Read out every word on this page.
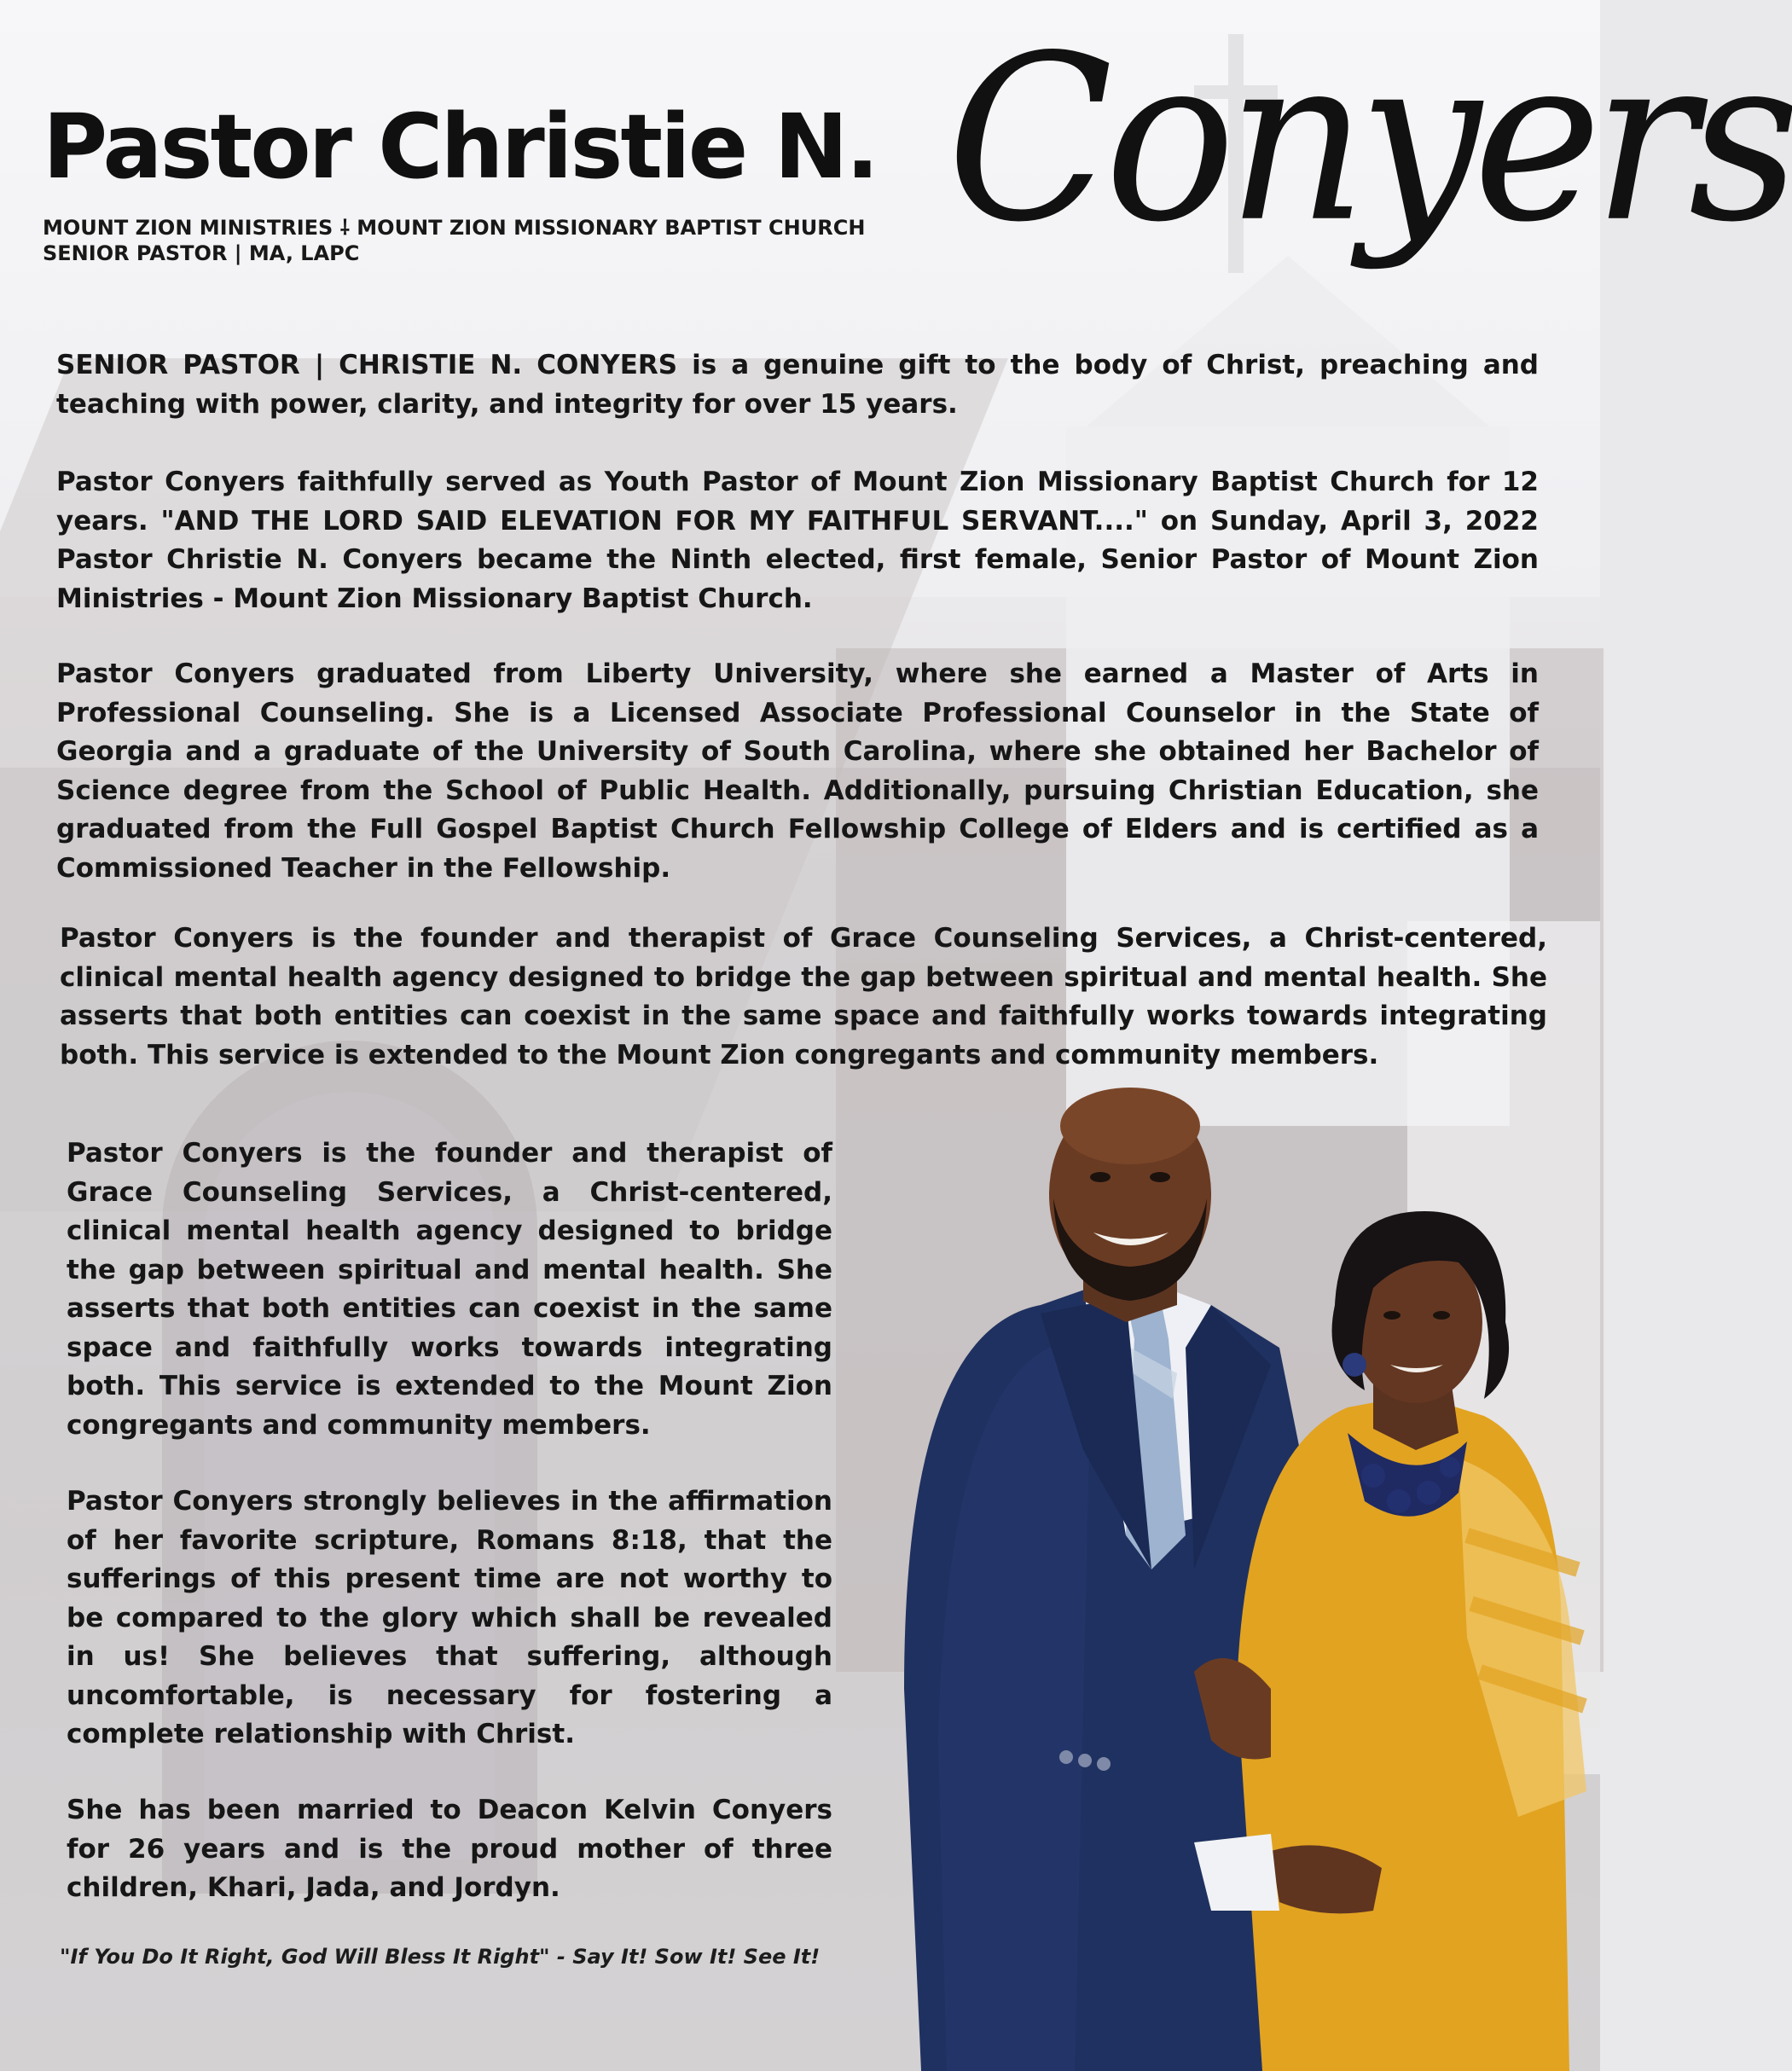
Pastor Christie N. Conyers
MOUNT ZION MINISTRIES ⸸ MOUNT ZION MISSIONARY BAPTIST CHURCH
SENIOR PASTOR | MA, LAPC

SENIOR PASTOR | CHRISTIE N. CONYERS is a genuine gift to the body of Christ, preaching and teaching with power, clarity, and integrity for over 15 years.

Pastor Conyers faithfully served as Youth Pastor of Mount Zion Missionary Baptist Church for 12 years. "AND THE LORD SAID ELEVATION FOR MY FAITHFUL SERVANT...." on Sunday, April 3, 2022 Pastor Christie N. Conyers became the Ninth elected, first female, Senior Pastor of Mount Zion Ministries - Mount Zion Missionary Baptist Church.

Pastor Conyers graduated from Liberty University, where she earned a Master of Arts in Professional Counseling. She is a Licensed Associate Professional Counselor in the State of Georgia and a graduate of the University of South Carolina, where she obtained her Bachelor of Science degree from the School of Public Health. Additionally, pursuing Christian Education, she graduated from the Full Gospel Baptist Church Fellowship College of Elders and is certified as a Commissioned Teacher in the Fellowship.

Pastor Conyers is the founder and therapist of Grace Counseling Services, a Christ-centered, clinical mental health agency designed to bridge the gap between spiritual and mental health. She asserts that both entities can coexist in the same space and faithfully works towards integrating both. This service is extended to the Mount Zion congregants and community members.

Pastor Conyers is the founder and therapist of Grace Counseling Services, a Christ-centered, clinical mental health agency designed to bridge the gap between spiritual and mental health. She asserts that both entities can coexist in the same space and faithfully works towards integrating both. This service is extended to the Mount Zion congregants and community members.

Pastor Conyers strongly believes in the affirmation of her favorite scripture, Romans 8:18, that the sufferings of this present time are not worthy to be compared to the glory which shall be revealed in us! She believes that suffering, although uncomfortable, is necessary for fostering a complete relationship with Christ.

She has been married to Deacon Kelvin Conyers for 26 years and is the proud mother of three children, Khari, Jada, and Jordyn.

"If You Do It Right, God Will Bless It Right" - Say It! Sow It! See It!
